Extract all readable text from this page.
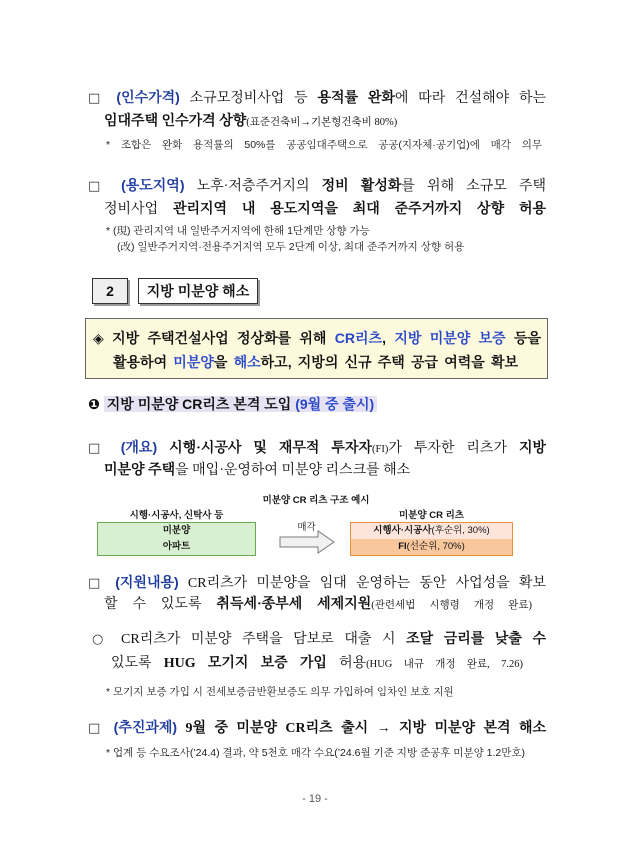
□ (인수가격) 소규모정비사업 등 용적률 완화에 따라 건설해야 하는
임대주택 인수가격 상향(표준건축비→기본형건축비 80%)
* 조합은 완화 용적률의 50%를 공공임대주택으로 공공(지자체·공기업)에 매각 의무
□ (용도지역) 노후·저층주거지의 정비 활성화를 위해 소규모 주택
정비사업 관리지역 내 용도지역을 최대 준주거까지 상향 허용
* (現) 관리지역 내 일반주거지역에 한해 1단계만 상향 가능
(改) 일반주거지역·전용주거지역 모두 2단계 이상, 최대 준주거까지 상향 허용
2	지방 미분양 해소
◈ 지방 주택건설사업 정상화를 위해 CR리츠, 지방 미분양 보증 등을
활용하여 미분양을 해소하고, 지방의 신규 주택 공급 여력을 확보
❶ 지방 미분양 CR리츠 본격 도입 (9월 중 출시)
□ (개요) 시행·시공사 및 재무적 투자자(FI)가 투자한 리츠가 지방
미분양 주택을 매입·운영하여 미분양 리스크를 해소
미분양 CR 리츠 구조 예시
시행·시공사, 신탁사 등
미분양
아파트
매각
미분양 CR 리츠
시행사·시공사(후순위, 30%)
FI(선순위, 70%)
□ (지원내용) CR리츠가 미분양을 임대 운영하는 동안 사업성을 확보
할 수 있도록 취득세·종부세 세제지원(관련세법 시행령 개정 완료)
○ CR리츠가 미분양 주택을 담보로 대출 시 조달 금리를 낮출 수
있도록 HUG 모기지 보증 가입 허용(HUG 내규 개정 완료, 7.26)
* 모기지 보증 가입 시 전세보증금반환보증도 의무 가입하여 임차인 보호 지원
□ (추진과제) 9월 중 미분양 CR리츠 출시 → 지방 미분양 본격 해소
* 업계 등 수요조사(’24.4) 결과, 약 5천호 매각 수요(’24.6월 기준 지방 준공후 미분양 1.2만호)
- 19 -
